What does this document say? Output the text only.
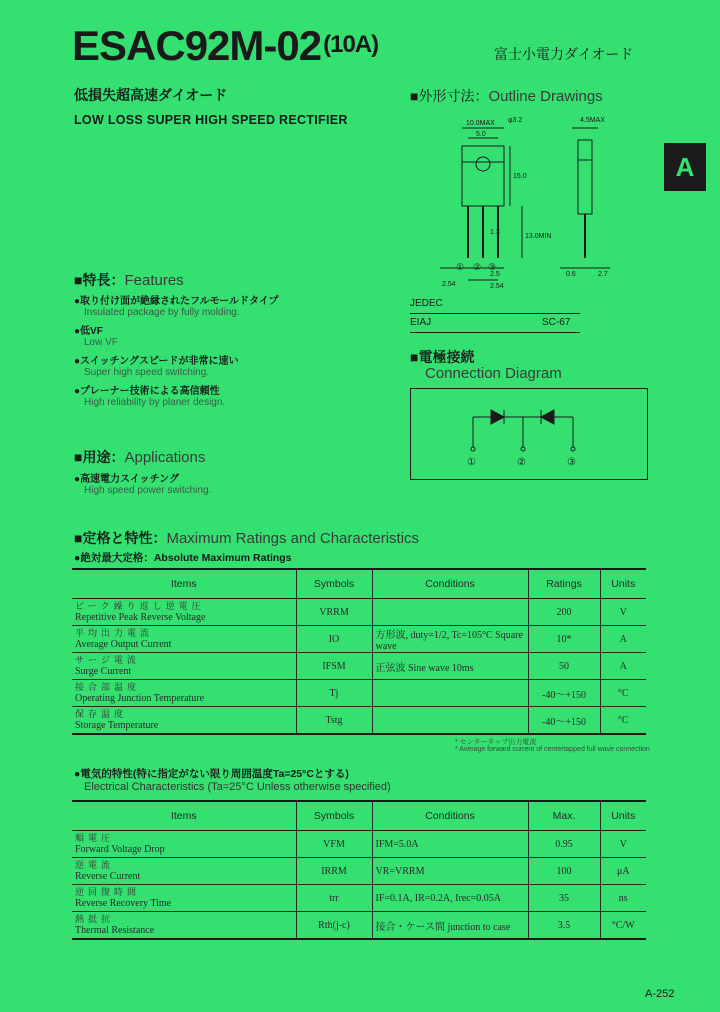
ESAC92M-02(10A)	富士小電力ダイオード
低損失超高速ダイオード
LOW LOSS SUPER HIGH SPEED RECTIFIER
A
■外形寸法：Outline Drawings
10.0MAX
5.0
φ3.2
15.0
13.0MIN
1.3
2.54
2.5
2.54
4.5MAX
0.6	2.7
① ② ③
JEDEC
EIAJ	SC-67
■電極接続
Connection Diagram
①	②	③
■特長：Features
●取り付け面が絶縁されたフルモールドタイプ
Insulated package by fully molding.
●低VF
Low VF
●スイッチングスピードが非常に速い
Super high speed switching.
●プレーナー技術による高信頼性
High reliability by planer design.
■用途：Applications
●高速電力スイッチング
High speed power switching.
■定格と特性：Maximum Ratings and Characteristics
●絶対最大定格：Absolute Maximum Ratings
Items	Symbols	Conditions	Ratings	Units

ピーク繰り返し逆電圧
Repetitive Peak Reverse Voltage	VRRM		200	V

平均出力電流
Average Output Current	IO	方形波, duty=1/2, Tc=105°C Square wave	10*	A

サージ電流
Surge Current	IFSM	正弦波 Sine wave 10ms	50	A

接合部温度
Operating Junction Temperature	Tj		-40～+150	°C

保存温度
Storage Temperature	Tstg		-40～+150	°C
* センタータップ出力電流
* Average forward current of centertapped full wave connection
●電気的特性(特に指定がない限り周囲温度Ta=25°Cとする)
Electrical Characteristics (Ta=25°C Unless otherwise specified)
Items	Symbols	Conditions	Max.	Units

順電圧
Forward Voltage Drop	VFM	IFM=5.0A	0.95	V

逆電流
Reverse Current	IRRM	VR=VRRM	100	μA

逆回復時間
Reverse Recovery Time	trr	IF=0.1A, IR=0.2A, Irec=0.05A	35	ns

熱抵抗
Thermal Resistance	Rth(j-c)	接合・ケース間 junction to case	3.5	°C/W
A-252
